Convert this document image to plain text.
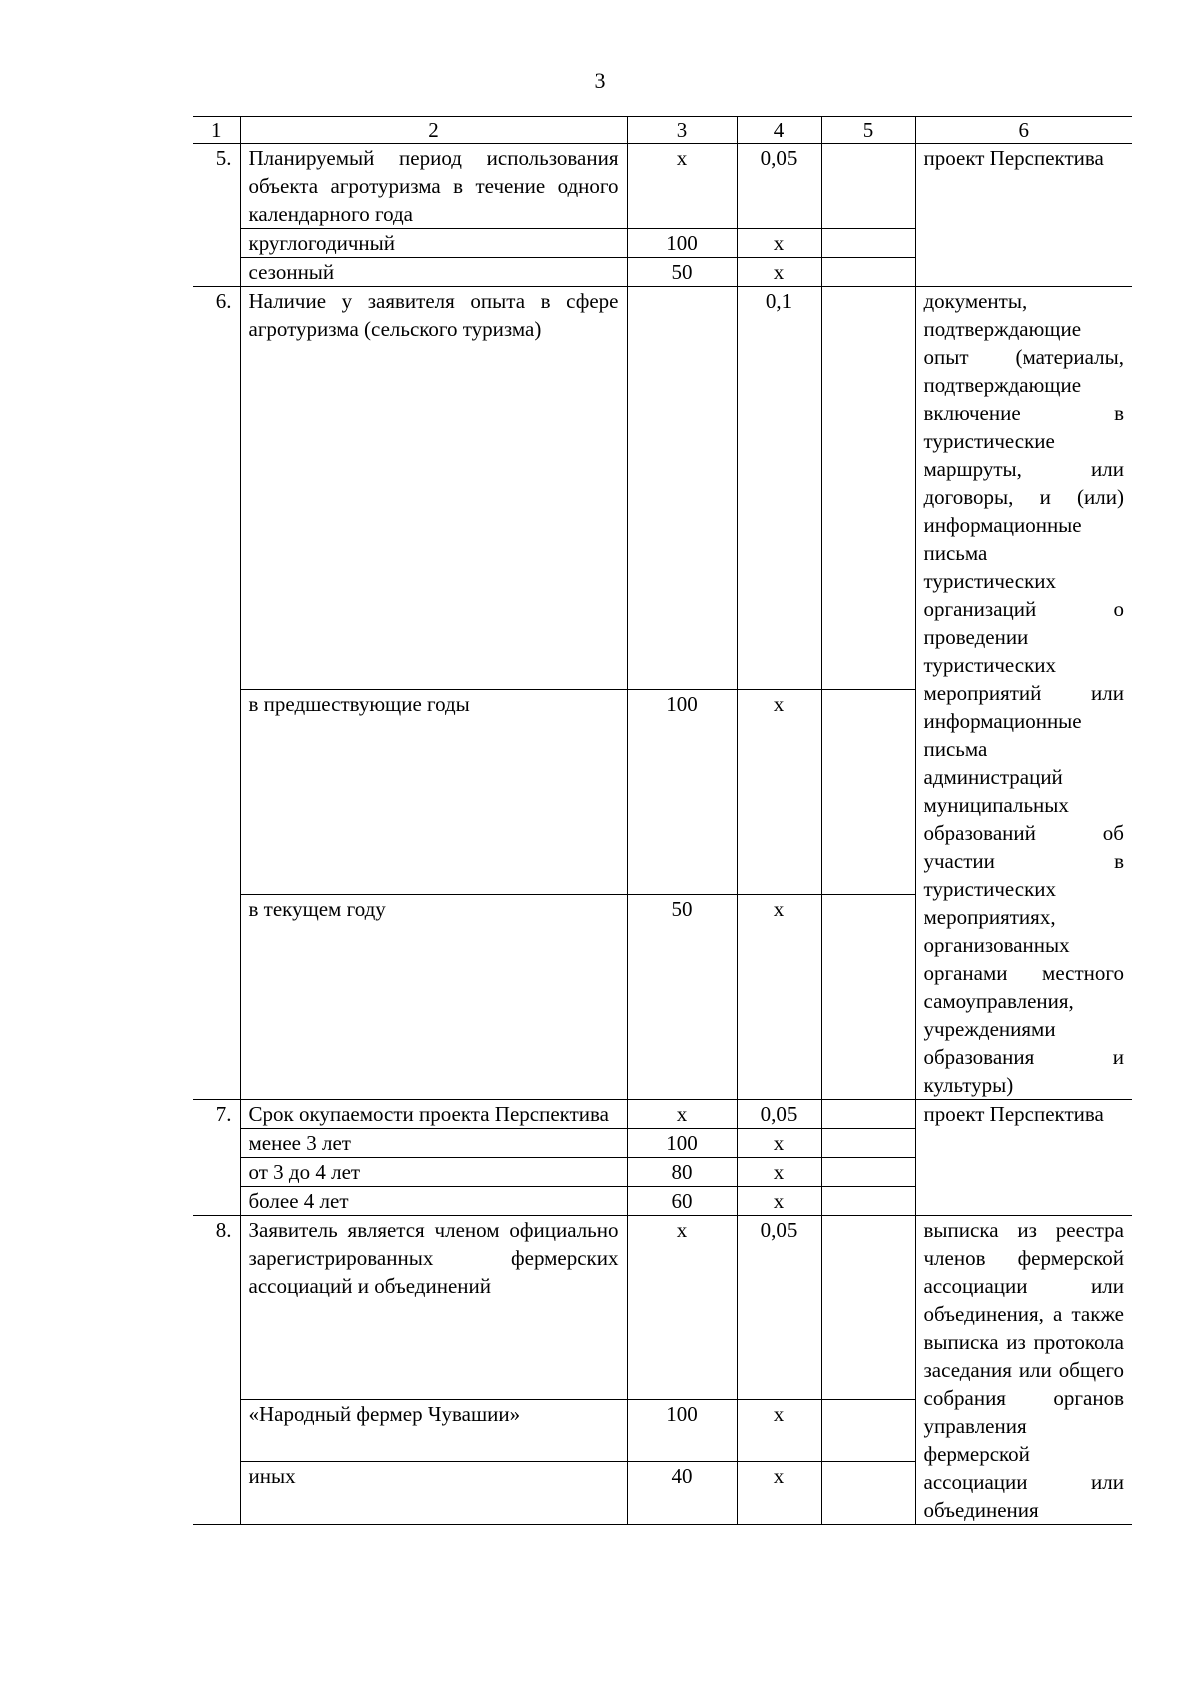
3
1	2	3	4	5	6
5.	Планируемый период использования объекта агротуризма в течение одного календарного года	х	0,05		проект Перспектива
	круглогодичный	100	х		
	сезонный	50	х		
6.	Наличие у заявителя опыта в сфере агротуризма (сельского туризма)		0,1		документы, подтверждающие опыт (материалы, подтверждающие включение в туристические маршруты, или договоры, и (или) информационные письма туристических организаций о проведении туристических мероприятий или информационные письма администраций муниципальных образований об участии в туристических мероприятиях, организованных органами местного самоуправления, учреждениями образования и культуры)
	в предшествующие годы	100	х		
	в текущем году	50	х		
7.	Срок окупаемости проекта Перспектива	х	0,05		проект Перспектива
	менее 3 лет	100	х		
	от 3 до 4 лет	80	х		
	более 4 лет	60	х		
8.	Заявитель является членом официально зарегистрированных фермерских ассоциаций и объединений	х	0,05		выписка из реестра членов фермерской ассоциации или объединения, а также выписка из протокола заседания или общего собрания органов управления фермерской ассоциации или объединения
	«Народный фермер Чувашии»	100	х		
	иных	40	х		
